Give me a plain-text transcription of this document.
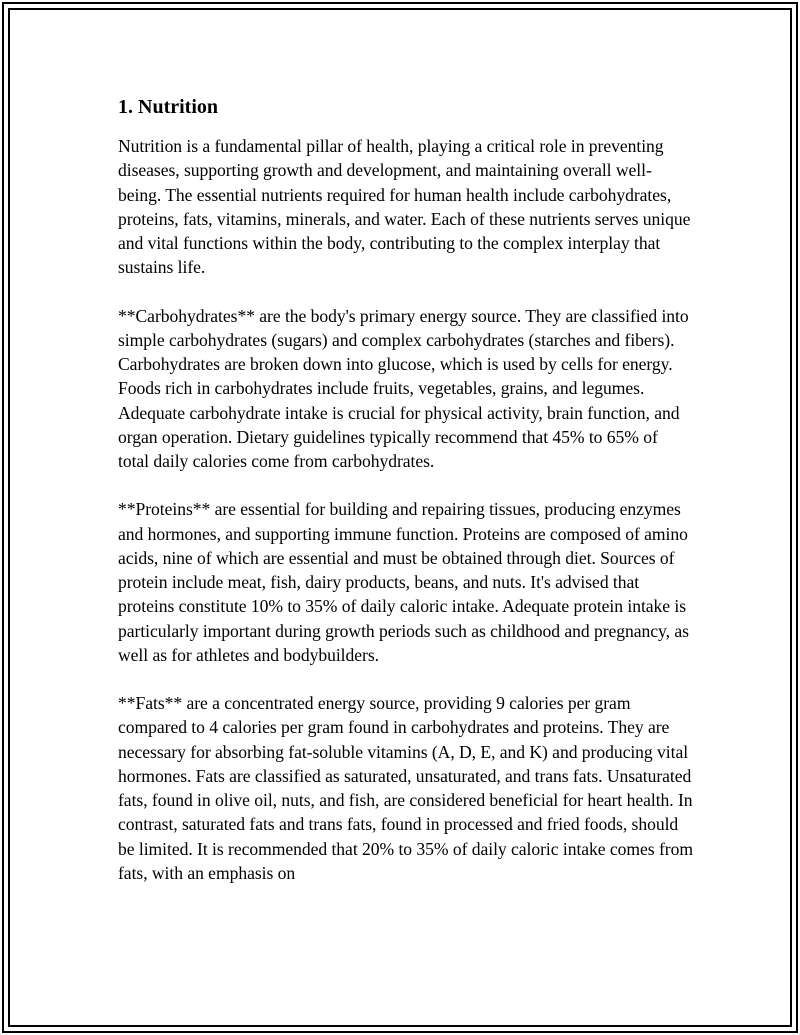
1. Nutrition

Nutrition is a fundamental pillar of health, playing a critical role in preventing diseases, supporting growth and development, and maintaining overall well-being. The essential nutrients required for human health include carbohydrates, proteins, fats, vitamins, minerals, and water. Each of these nutrients serves unique and vital functions within the body, contributing to the complex interplay that sustains life.

**Carbohydrates** are the body's primary energy source. They are classified into simple carbohydrates (sugars) and complex carbohydrates (starches and fibers). Carbohydrates are broken down into glucose, which is used by cells for energy. Foods rich in carbohydrates include fruits, vegetables, grains, and legumes. Adequate carbohydrate intake is crucial for physical activity, brain function, and organ operation. Dietary guidelines typically recommend that 45% to 65% of total daily calories come from carbohydrates.

**Proteins** are essential for building and repairing tissues, producing enzymes and hormones, and supporting immune function. Proteins are composed of amino acids, nine of which are essential and must be obtained through diet. Sources of protein include meat, fish, dairy products, beans, and nuts. It's advised that proteins constitute 10% to 35% of daily caloric intake. Adequate protein intake is particularly important during growth periods such as childhood and pregnancy, as well as for athletes and bodybuilders.

**Fats** are a concentrated energy source, providing 9 calories per gram compared to 4 calories per gram found in carbohydrates and proteins. They are necessary for absorbing fat-soluble vitamins (A, D, E, and K) and producing vital hormones. Fats are classified as saturated, unsaturated, and trans fats. Unsaturated fats, found in olive oil, nuts, and fish, are considered beneficial for heart health. In contrast, saturated fats and trans fats, found in processed and fried foods, should be limited. It is recommended that 20% to 35% of daily caloric intake comes from fats, with an emphasis on
